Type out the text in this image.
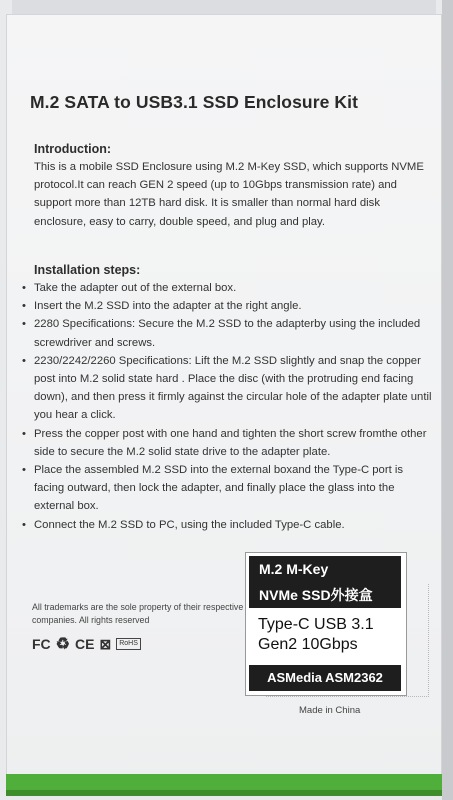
M.2 SATA to USB3.1 SSD Enclosure Kit
Introduction:
This is a mobile SSD Enclosure using M.2 M-Key SSD, which supports NVME protocol.It can reach GEN 2 speed (up to 10Gbps transmission rate) and support more than 12TB hard disk. It is smaller than normal hard disk enclosure, easy to carry, double speed, and plug and play.
Installation steps:
• Take the adapter out of the external box.
• Insert the M.2 SSD into the adapter at the right angle.
• 2280 Specifications: Secure the M.2 SSD to the adapterby using the included screwdriver and screws.
• 2230/2242/2260 Specifications: Lift the M.2 SSD slightly and snap the copper post into M.2 solid state hard . Place the disc (with the protruding end facing down), and then press it firmly against the circular hole of the adapter plate until you hear a click.
• Press the copper post with one hand and tighten the short screw fromthe other side to secure the M.2 solid state drive to the adapter plate.
• Place the assembled M.2 SSD into the external boxand the Type-C port is facing outward, then lock the adapter, and finally place the glass into the external box.
• Connect the M.2 SSD to PC, using the included Type-C cable.
All trademarks are the sole property of their respective companies. All rights reserved
FC ♻ CE ⊠	RoHS
M.2 M-Key
NVMe SSD外接盒
Type-C USB 3.1
Gen2 10Gbps
ASMedia ASM2362
Made in China
